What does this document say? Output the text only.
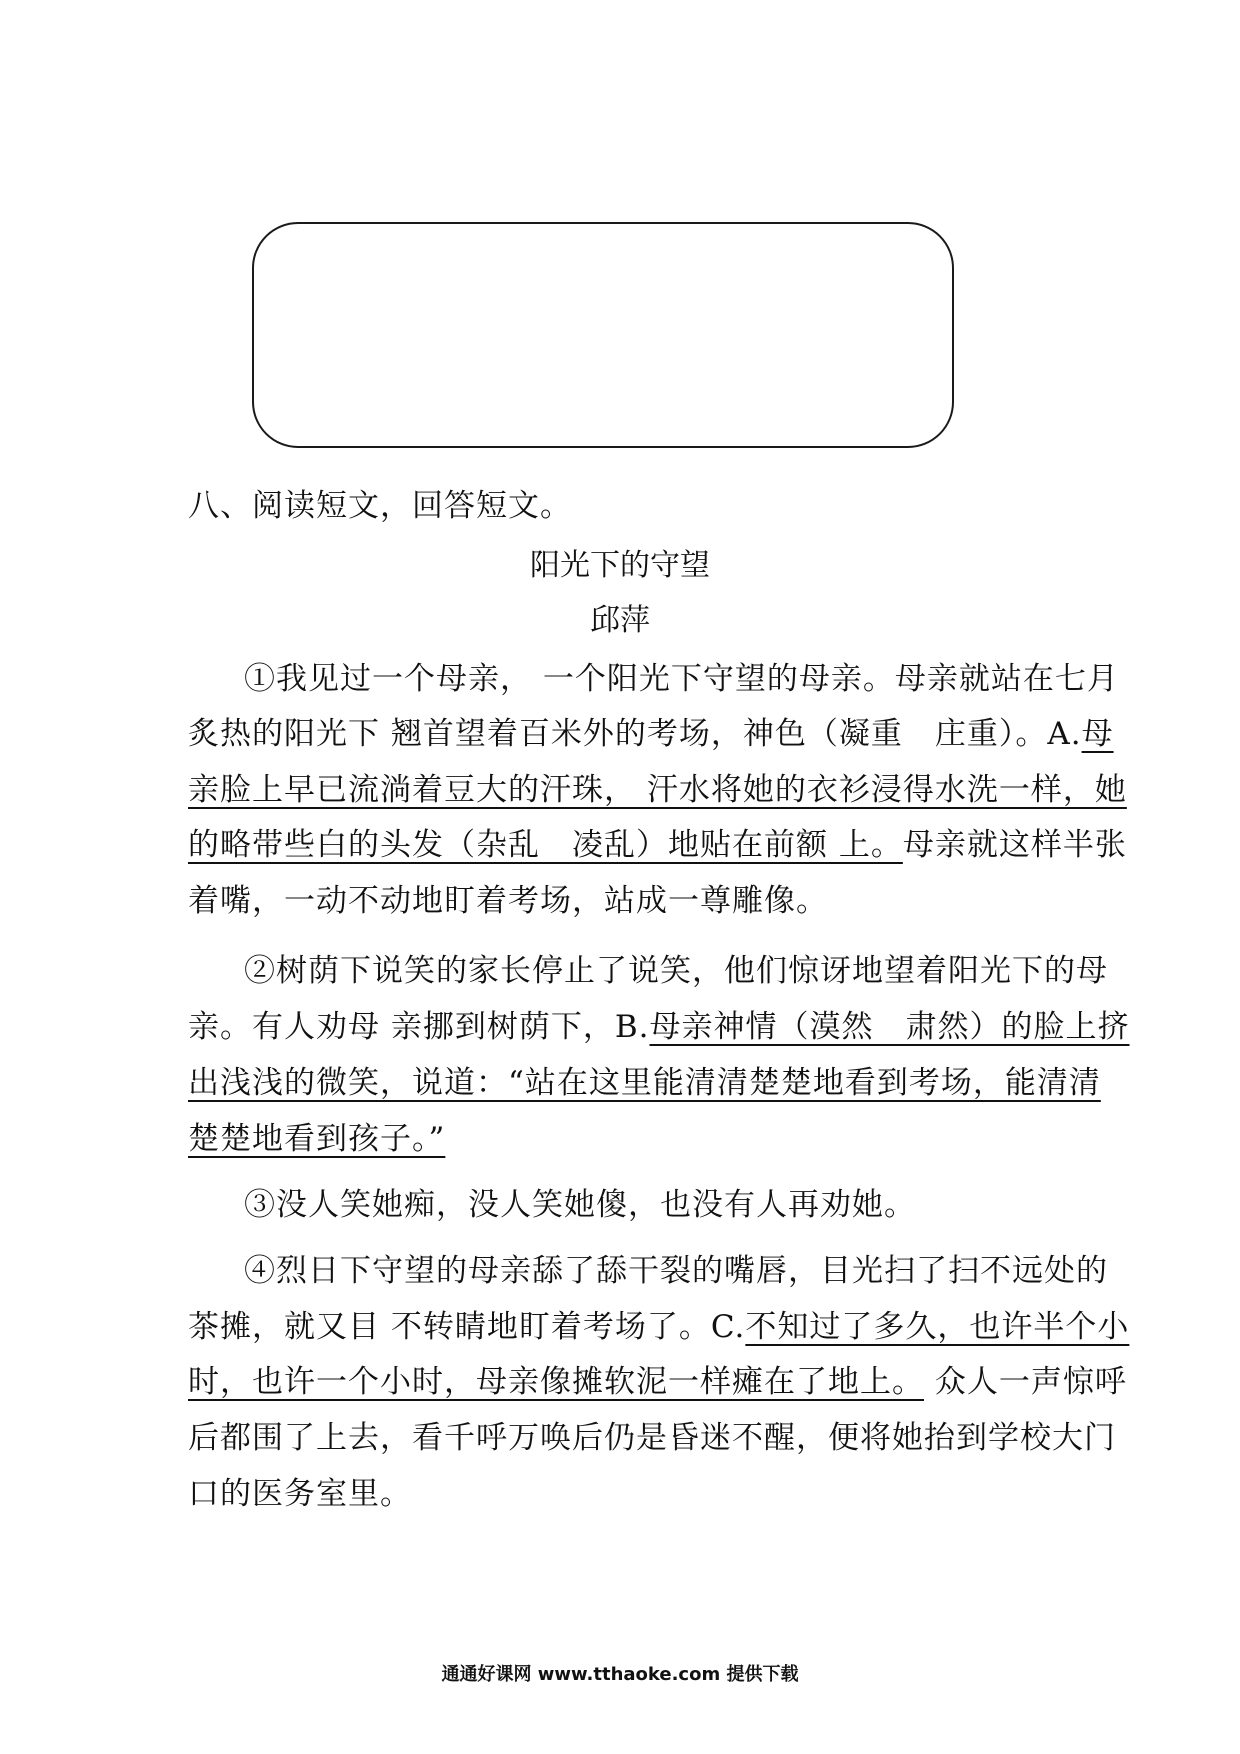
八、阅读短文，回答短文。
阳光下的守望
邱萍
①我见过一个母亲， 一个阳光下守望的母亲。母亲就站在七月
炙热的阳光下 翘首望着百米外的考场，神色（凝重　庄重）。A.母
亲脸上早已流淌着豆大的汗珠， 汗水将她的衣衫浸得水洗一样，她
的略带些白的头发（杂乱　凌乱）地贴在前额 上。母亲就这样半张
着嘴，一动不动地盯着考场，站成一尊雕像。
②树荫下说笑的家长停止了说笑，他们惊讶地望着阳光下的母
亲。有人劝母 亲挪到树荫下，B.母亲神情（漠然　肃然）的脸上挤
出浅浅的微笑，说道：“站在这里能清清楚楚地看到考场，能清清
楚楚地看到孩子。”
③没人笑她痴，没人笑她傻，也没有人再劝她。
④烈日下守望的母亲舔了舔干裂的嘴唇，目光扫了扫不远处的
茶摊，就又目 不转睛地盯着考场了。C.不知过了多久，也许半个小
时，也许一个小时，母亲像摊软泥一样瘫在了地上。 众人一声惊呼
后都围了上去，看千呼万唤后仍是昏迷不醒，便将她抬到学校大门
口的医务室里。
通通好课网 www.tthaoke.com 提供下载
